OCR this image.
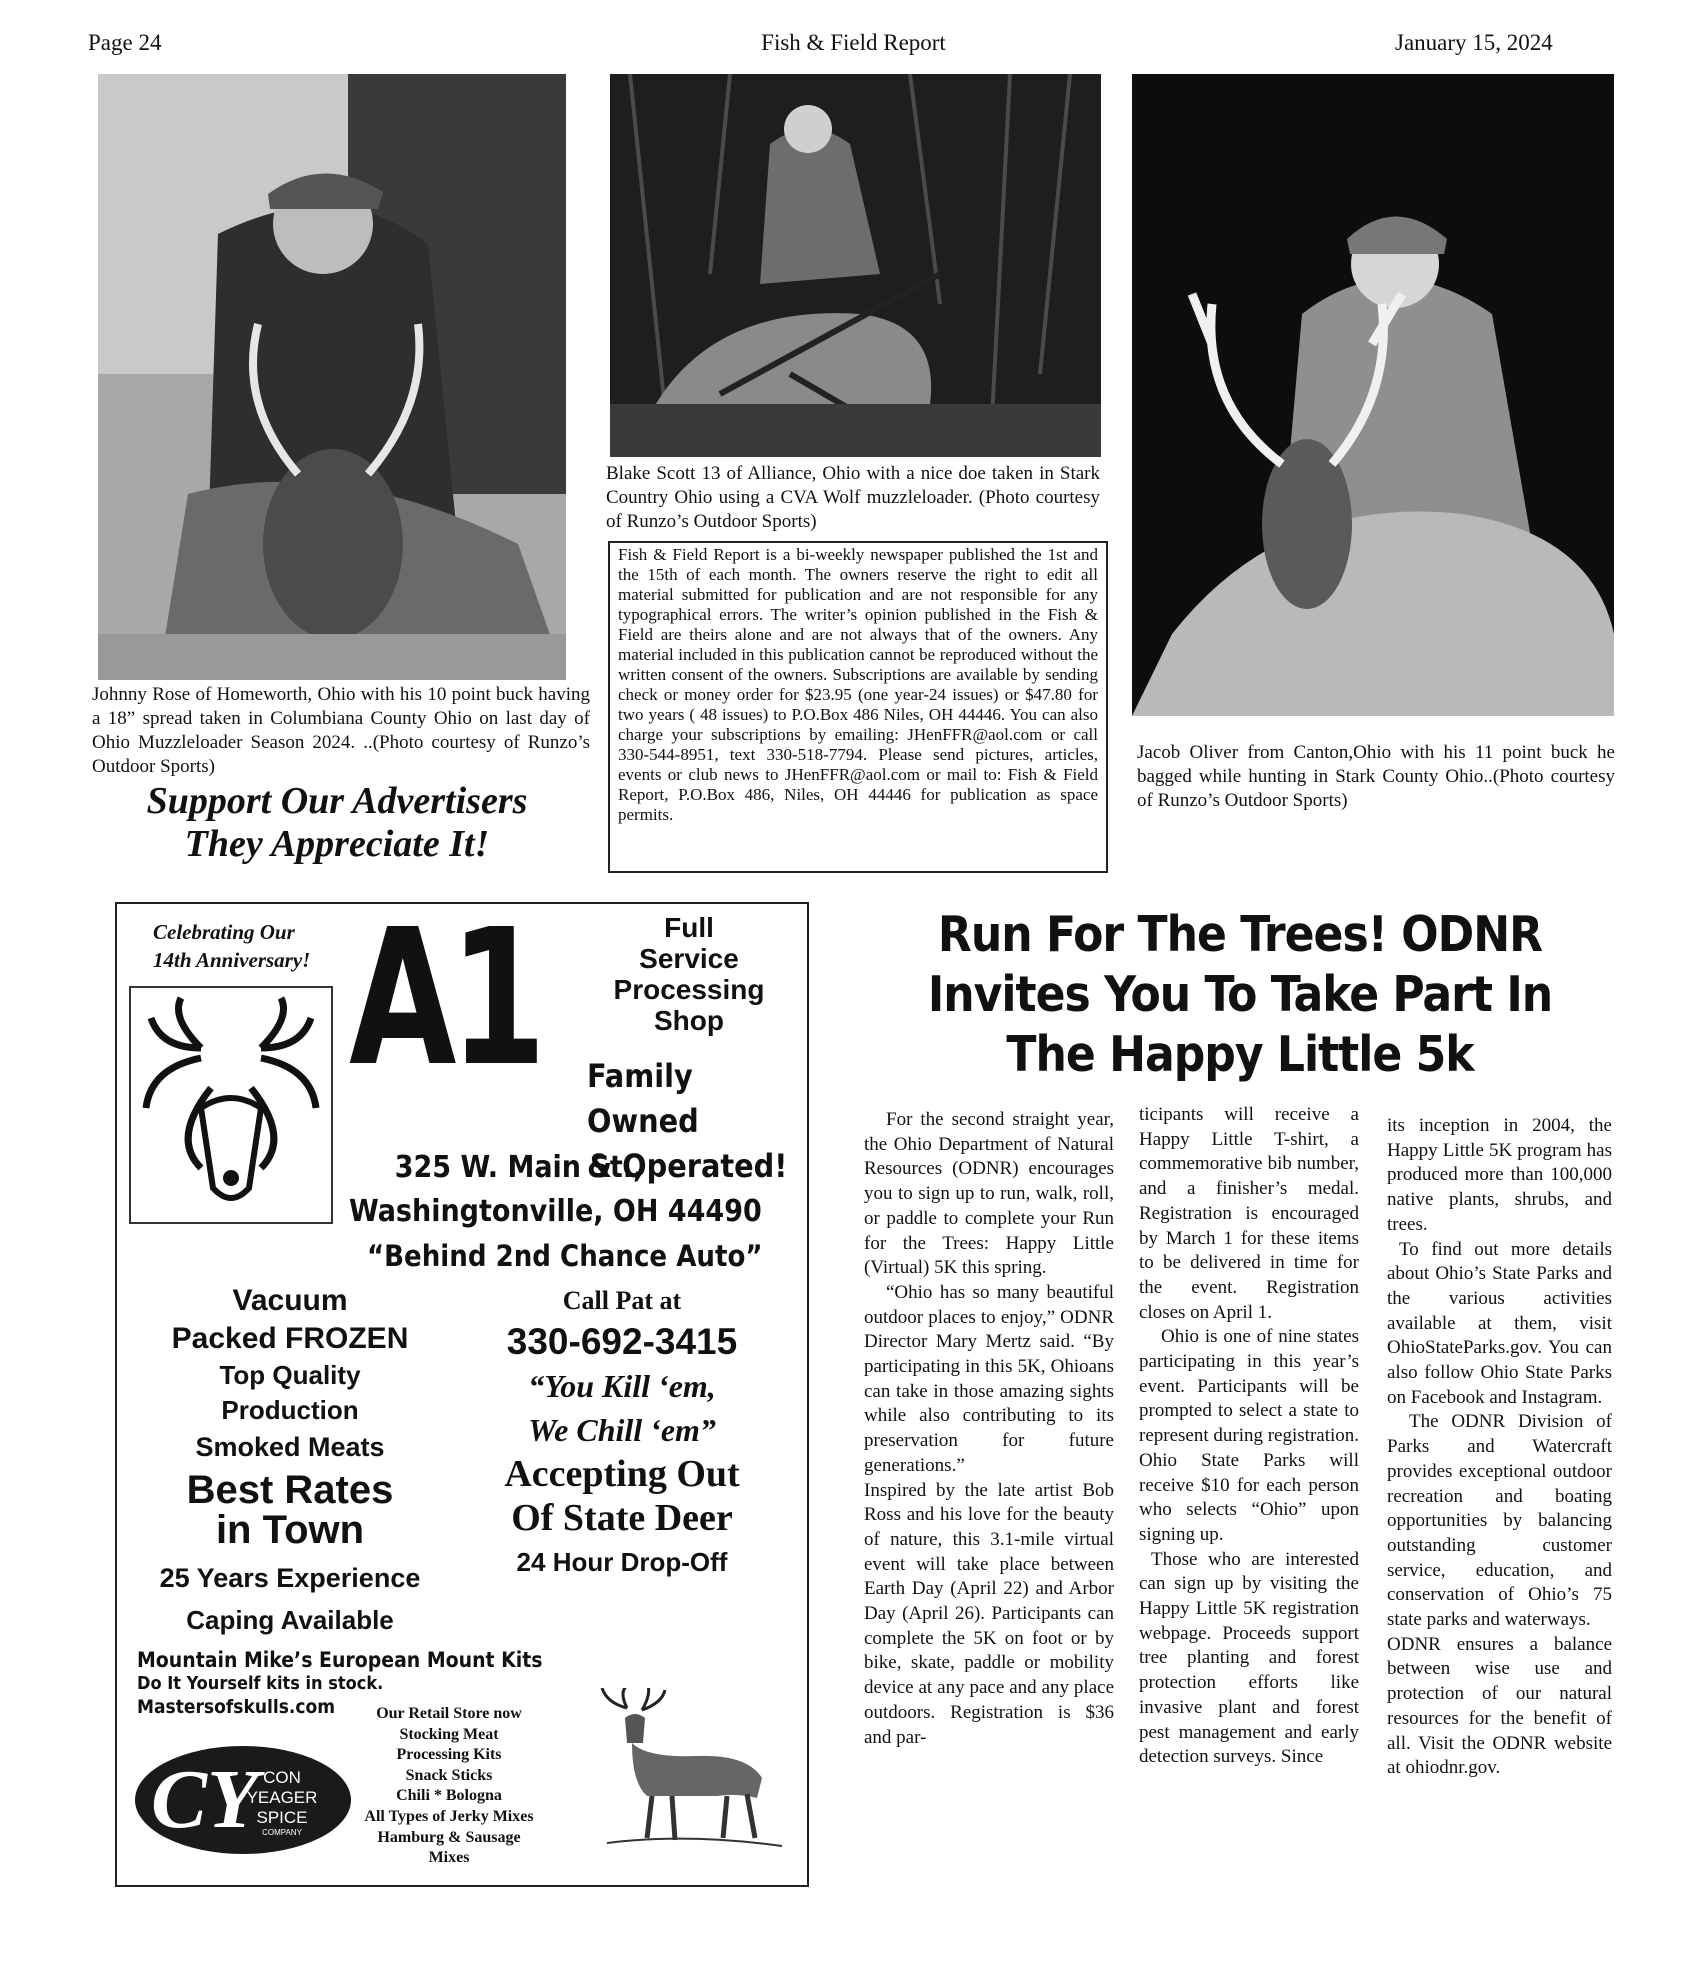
Page 24	Fish & Field Report	January 15, 2024
Johnny Rose of Homeworth, Ohio with his 10 point buck having a 18” spread taken in Columbiana County Ohio on last day of Ohio Muzzleloader Season 2024. ..(Photo courtesy of Runzo’s Outdoor Sports)
Support Our Advertisers
They Appreciate It!
Blake Scott 13 of Alliance, Ohio with a nice doe taken in Stark Country Ohio using a CVA Wolf muzzleloader. (Photo courtesy of Runzo’s Outdoor Sports)
Fish & Field Report is a bi-weekly newspaper published the 1st and the 15th of each month. The owners reserve the right to edit all material submitted for publication and are not responsible for any typographical errors. The writer’s opinion published in the Fish & Field are theirs alone and are not always that of the owners. Any material included in this publication cannot be reproduced without the written consent of the owners. Subscriptions are available by sending check or money order for $23.95 (one year-24 issues) or $47.80 for two years ( 48 issues) to P.O.Box 486 Niles, OH 44446. You can also charge your subscriptions by emailing: JHenFFR@aol.com or call 330-544-8951, text 330-518-7794. Please send pictures, articles, events or club news to JHenFFR@aol.com or mail to: Fish & Field Report, P.O.Box 486, Niles, OH 44446 for publication as space permits.
Jacob Oliver from Canton,Ohio with his 11 point buck he bagged while hunting in Stark County Ohio..(Photo courtesy of Runzo’s Outdoor Sports)
Celebrating Our
14th Anniversary! A1	Full
Service
Processing
Shop
Family Owned
& Operated!
325 W. Main St.,
Washingtonville, OH 44490
“Behind 2nd Chance Auto”
Vacuum
Packed FROZEN
Top Quality
Production
Smoked Meats
Best Rates
in Town
25 Years Experience
Caping Available
Call Pat at
330-692-3415
“You Kill ‘em,
We Chill ‘em”
Accepting Out
Of State Deer
24 Hour Drop-Off
Mountain Mike’s European Mount Kits
Do It Yourself kits in stock.
Mastersofskulls.com
CY CON
YEAGER
SPICE
COMPANY
Our Retail Store now
Stocking Meat
Processing Kits
Snack Sticks
Chili * Bologna
All Types of Jerky Mixes
Hamburg & Sausage
Mixes
Run For The Trees! ODNR
Invites You To Take Part In
The Happy Little 5k

For the second straight year, the Ohio Department of Natural Resources (ODNR) encourages you to sign up to run, walk, roll, or paddle to complete your Run for the Trees: Happy Little (Virtual) 5K this spring.

“Ohio has so many beautiful outdoor places to enjoy,” ODNR Director Mary Mertz said. “By participating in this 5K, Ohioans can take in those amazing sights while also contributing to its preservation for future generations.”

Inspired by the late artist Bob Ross and his love for the beauty of nature, this 3.1-mile virtual event will take place between Earth Day (April 22) and Arbor Day (April 26). Participants can complete the 5K on foot or by bike, skate, paddle or mobility device at any pace and any place outdoors. Registration is $36 and par-

ticipants will receive a Happy Little T-shirt, a commemorative bib number, and a finisher’s medal. Registration is encouraged by March 1 for these items to be delivered in time for the event. Registration closes on April 1.

Ohio is one of nine states participating in this year’s event. Participants will be prompted to select a state to represent during registration. Ohio State Parks will receive $10 for each person who selects “Ohio” upon signing up.

Those who are interested can sign up by visiting the Happy Little 5K registration webpage. Proceeds support tree planting and forest protection efforts like invasive plant and forest pest management and early detection surveys. Since

its inception in 2004, the Happy Little 5K program has produced more than 100,000 native plants, shrubs, and trees.

To find out more details about Ohio’s State Parks and the various activities available at them, visit OhioStateParks.gov. You can also follow Ohio State Parks on Facebook and Instagram.

The ODNR Division of Parks and Watercraft provides exceptional outdoor recreation and boating opportunities by balancing outstanding customer service, education, and conservation of Ohio’s 75 state parks and waterways.

ODNR ensures a balance between wise use and protection of our natural resources for the benefit of all. Visit the ODNR website at ohiodnr.gov.
